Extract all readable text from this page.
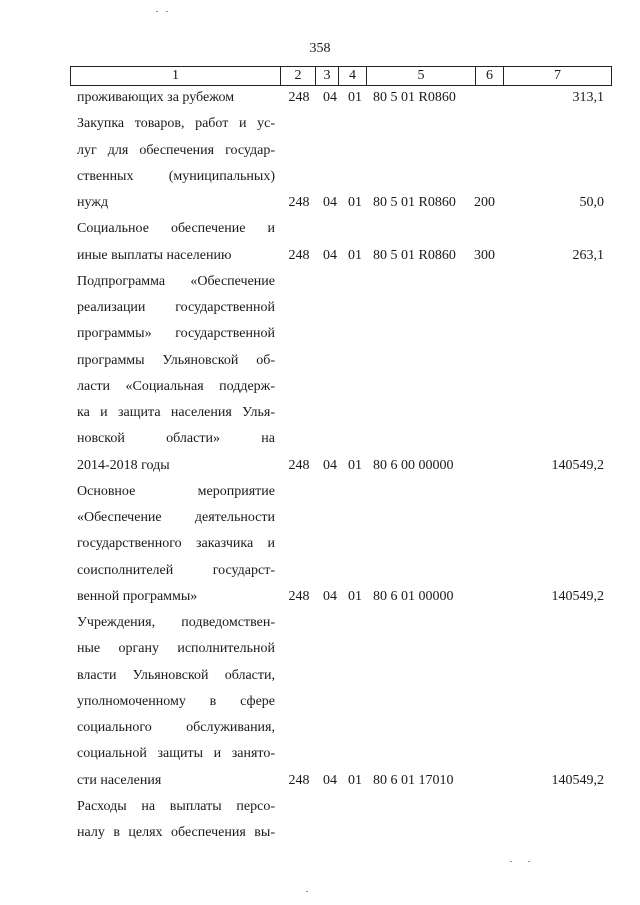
358
1	2	3	4	5	6	7
проживающих за рубежом	248 04 01 80 5 01 R0860	313,1
Закупка товаров, работ и ус-
луг для обеспечения государ-
ственных (муниципальных)
нужд	248 04 01 80 5 01 R0860	200	50,0
Социальное обеспечение и
иные выплаты населению	248 04 01 80 5 01 R0860	300	263,1
Подпрограмма «Обеспечение
реализации государственной
программы» государственной
программы Ульяновской об-
ласти «Социальная поддерж-
ка и защита населения Улья-
новской области» на
2014-2018 годы	248 04 01 80 6 00 00000	140549,2
Основное мероприятие
«Обеспечение деятельности
государственного заказчика и
соисполнителей государст-
венной программы»	248 04 01 80 6 01 00000	140549,2
Учреждения, подведомствен-
ные органу исполнительной
власти Ульяновской области,
уполномоченному в сфере
социального обслуживания,
социальной защиты и занято-
сти населения	248 04 01 80 6 01 17010	140549,2
Расходы на выплаты персо-
налу в целях обеспечения вы-
